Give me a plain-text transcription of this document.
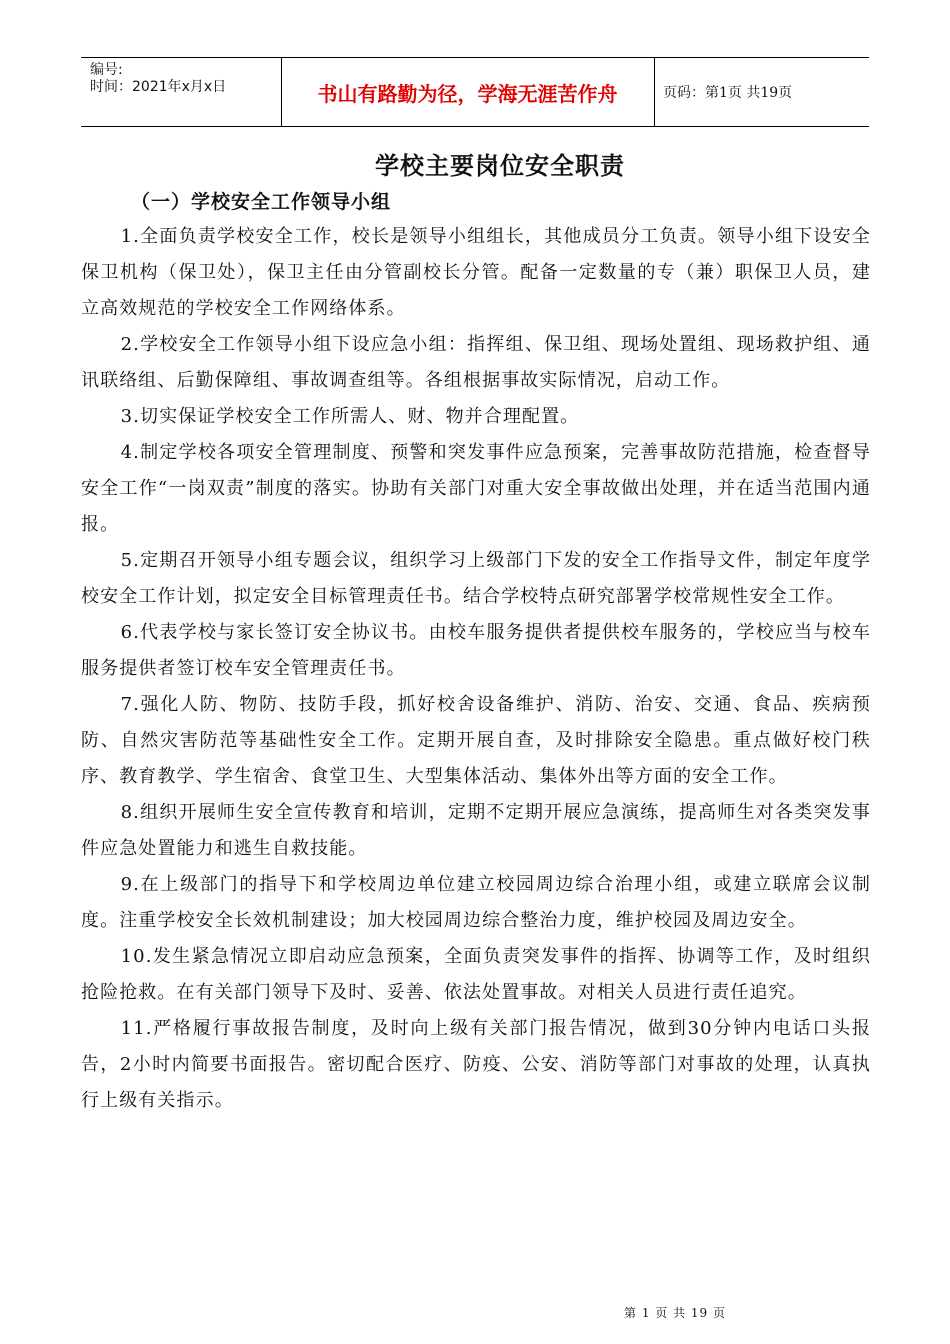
编号:
时间：2021年x月x日	书山有路勤为径，学海无涯苦作舟	页码：第1页 共19页
学校主要岗位安全职责
（一）学校安全工作领导小组

1.全面负责学校安全工作，校长是领导小组组长，其他成员分工负责。领导小组下设安全保卫机构（保卫处），保卫主任由分管副校长分管。配备一定数量的专（兼）职保卫人员，建立高效规范的学校安全工作网络体系。

2.学校安全工作领导小组下设应急小组：指挥组、保卫组、现场处置组、现场救护组、通讯联络组、后勤保障组、事故调查组等。各组根据事故实际情况，启动工作。

3.切实保证学校安全工作所需人、财、物并合理配置。

4.制定学校各项安全管理制度、预警和突发事件应急预案，完善事故防范措施，检查督导安全工作“一岗双责”制度的落实。协助有关部门对重大安全事故做出处理，并在适当范围内通报。

5.定期召开领导小组专题会议，组织学习上级部门下发的安全工作指导文件，制定年度学校安全工作计划，拟定安全目标管理责任书。结合学校特点研究部署学校常规性安全工作。

6.代表学校与家长签订安全协议书。由校车服务提供者提供校车服务的，学校应当与校车服务提供者签订校车安全管理责任书。

7.强化人防、物防、技防手段，抓好校舍设备维护、消防、治安、交通、食品、疾病预防、自然灾害防范等基础性安全工作。定期开展自查，及时排除安全隐患。重点做好校门秩序、教育教学、学生宿舍、食堂卫生、大型集体活动、集体外出等方面的安全工作。

8.组织开展师生安全宣传教育和培训，定期不定期开展应急演练，提高师生对各类突发事件应急处置能力和逃生自救技能。

9.在上级部门的指导下和学校周边单位建立校园周边综合治理小组，或建立联席会议制度。注重学校安全长效机制建设；加大校园周边综合整治力度，维护校园及周边安全。

10.发生紧急情况立即启动应急预案，全面负责突发事件的指挥、协调等工作，及时组织抢险抢救。在有关部门领导下及时、妥善、依法处置事故。对相关人员进行责任追究。

11.严格履行事故报告制度，及时向上级有关部门报告情况，做到30分钟内电话口头报告，2小时内简要书面报告。密切配合医疗、防疫、公安、消防等部门对事故的处理，认真执行上级有关指示。

第 1 页 共 19 页
